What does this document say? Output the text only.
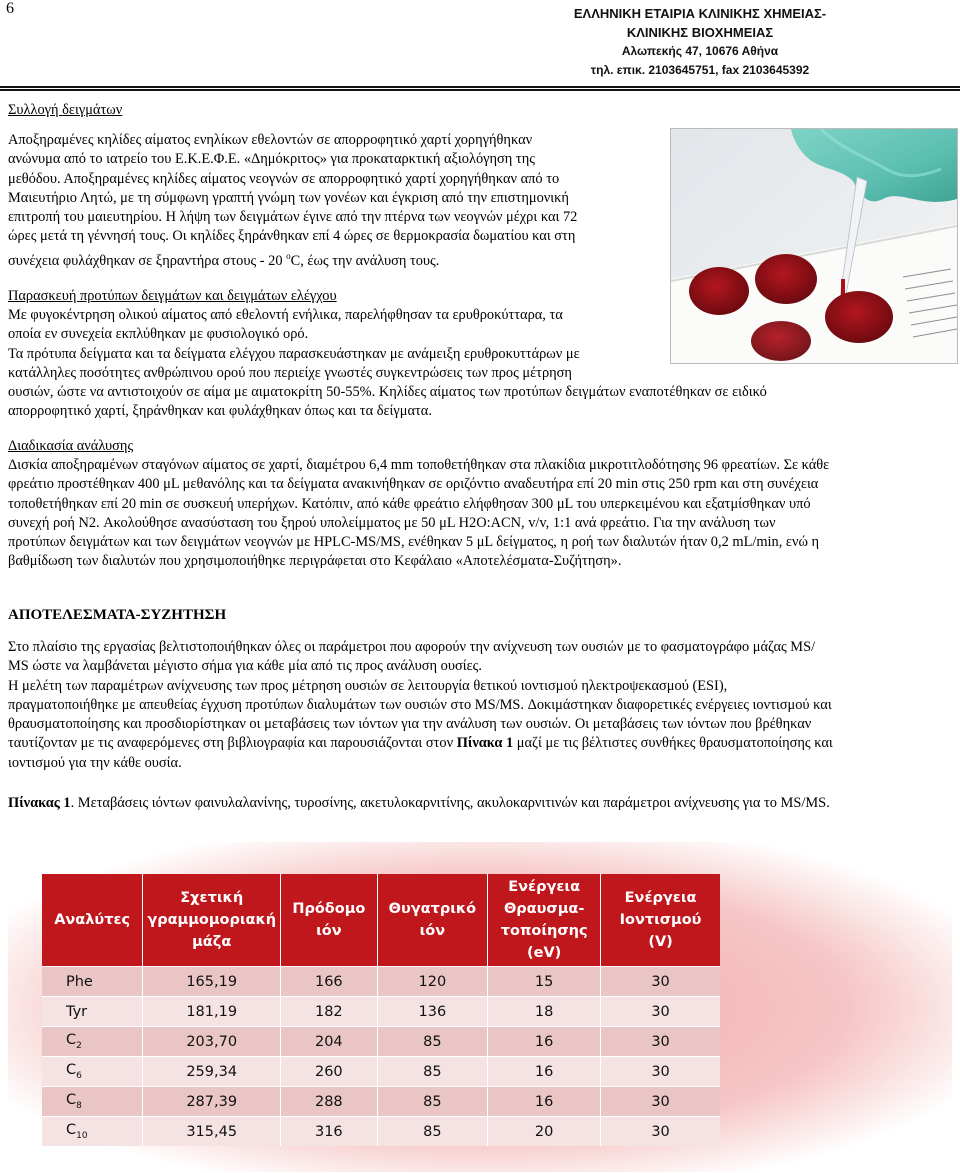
6	ΕΛΛΗΝΙΚΗ ΕΤΑΙΡΙΑ ΚΛΙΝΙΚΗΣ ΧΗΜΕΙΑΣ-
ΚΛΙΝΙΚΗΣ ΒΙΟΧΗΜΕΙΑΣ
Αλωπεκής 47, 10676 Αθήνα
τηλ. επικ. 2103645751, fax 2103645392
Συλλογή δειγμάτων
Αποξηραμένες κηλίδες αίματος ενηλίκων εθελοντών σε απορροφητικό χαρτί χορηγήθηκαν
ανώνυμα από το ιατρείο του Ε.Κ.Ε.Φ.Ε. «Δημόκριτος» για προκαταρκτική αξιολόγηση της
μεθόδου. Αποξηραμένες κηλίδες αίματος νεογνών σε απορροφητικό χαρτί χορηγήθηκαν από το
Μαιευτήριο Λητώ, με τη σύμφωνη γραπτή γνώμη των γονέων και έγκριση από την επιστημονική
επιτροπή του μαιευτηρίου. Η λήψη των δειγμάτων έγινε από την πτέρνα των νεογνών μέχρι και 72
ώρες μετά τη γέννησή τους. Οι κηλίδες ξηράνθηκαν επί 4 ώρες σε θερμοκρασία δωματίου και στη
συνέχεια φυλάχθηκαν σε ξηραντήρα στους - 20 $^o$C, έως την ανάλυση τους.
Παρασκευή προτύπων δειγμάτων και δειγμάτων ελέγχου
Με φυγοκέντρηση ολικού αίματος από εθελοντή ενήλικα, παρελήφθησαν τα ερυθροκύτταρα, τα
οποία εν συνεχεία εκπλύθηκαν με φυσιολογικό ορό.
Τα πρότυπα δείγματα και τα δείγματα ελέγχου παρασκευάστηκαν με ανάμειξη ερυθροκυττάρων με
κατάλληλες ποσότητες ανθρώπινου ορού που περιείχε γνωστές συγκεντρώσεις των προς μέτρηση
ουσιών, ώστε να αντιστοιχούν σε αίμα με αιματοκρίτη 50-55%. Κηλίδες αίματος των προτύπων δειγμάτων εναποτέθηκαν σε ειδικό
απορροφητικό χαρτί, ξηράνθηκαν και φυλάχθηκαν όπως και τα δείγματα.
Διαδικασία ανάλυσης
Δισκία αποξηραμένων σταγόνων αίματος σε χαρτί, διαμέτρου 6,4 mm τοποθετήθηκαν στα πλακίδια μικροτιτλοδότησης 96 φρεατίων. Σε κάθε
φρεάτιο προστέθηκαν 400 μL μεθανόλης και τα δείγματα ανακινήθηκαν σε οριζόντιο αναδευτήρα επί 20 min στις 250 rpm και στη συνέχεια
τοποθετήθηκαν επί 20 min σε συσκευή υπερήχων. Κατόπιν, από κάθε φρεάτιο ελήφθησαν 300 μL του υπερκειμένου και εξατμίσθηκαν υπό
συνεχή ροή N2. Ακολούθησε ανασύσταση του ξηρού υπολείμματος με 50 μL H2O:ACN, v/v, 1:1 ανά φρεάτιο. Για την ανάλυση των
προτύπων δειγμάτων και των δειγμάτων νεογνών με HPLC-MS/MS, ενέθηκαν 5 μL δείγματος, η ροή των διαλυτών ήταν 0,2 mL/min, ενώ η
βαθμίδωση των διαλυτών που χρησιμοποιήθηκε περιγράφεται στο Κεφάλαιο «Αποτελέσματα-Συζήτηση».
ΑΠΟΤΕΛΕΣΜΑΤΑ-ΣΥΖΗΤΗΣΗ
Στο πλαίσιο της εργασίας βελτιστοποιήθηκαν όλες οι παράμετροι που αφορούν την ανίχνευση των ουσιών με το φασματογράφο μάζας MS/
MS ώστε να λαμβάνεται μέγιστο σήμα για κάθε μία από τις προς ανάλυση ουσίες.
Η μελέτη των παραμέτρων ανίχνευσης των προς μέτρηση ουσιών σε λειτουργία θετικού ιοντισμού ηλεκτροψεκασμού (ESI),
πραγματοποιήθηκε με απευθείας έγχυση προτύπων διαλυμάτων των ουσιών στο MS/MS. Δοκιμάστηκαν διαφορετικές ενέργειες ιοντισμού και
θραυσματοποίησης και προσδιορίστηκαν οι μεταβάσεις των ιόντων για την ανάλυση των ουσιών. Οι μεταβάσεις των ιόντων που βρέθηκαν
ταυτίζονταν με τις αναφερόμενες στη βιβλιογραφία και παρουσιάζονται στον Πίνακα 1 μαζί με τις βέλτιστες συνθήκες θραυσματοποίησης και
ιοντισμού για την κάθε ουσία.
Πίνακας 1. Μεταβάσεις ιόντων φαινυλαλανίνης, τυροσίνης, ακετυλοκαρνιτίνης, ακυλοκαρνιτινών και παράμετροι ανίχνευσης για το MS/MS.
Αναλύτες	Σχετική γραμμομοριακή μάζα	Πρόδομο ιόν	Θυγατρικό ιόν	Ενέργεια Θραυσμα-τοποίησης (eV)	Ενέργεια Ιοντισμού (V)
Phe	165,19	166	120	15	30
Tyr	181,19	182	136	18	30
$C_2$	203,70	204	85	16	30
$C_6$	259,34	260	85	16	30
$C_8$	287,39	288	85	16	30
$C_{10}$	315,45	316	85	20	30
